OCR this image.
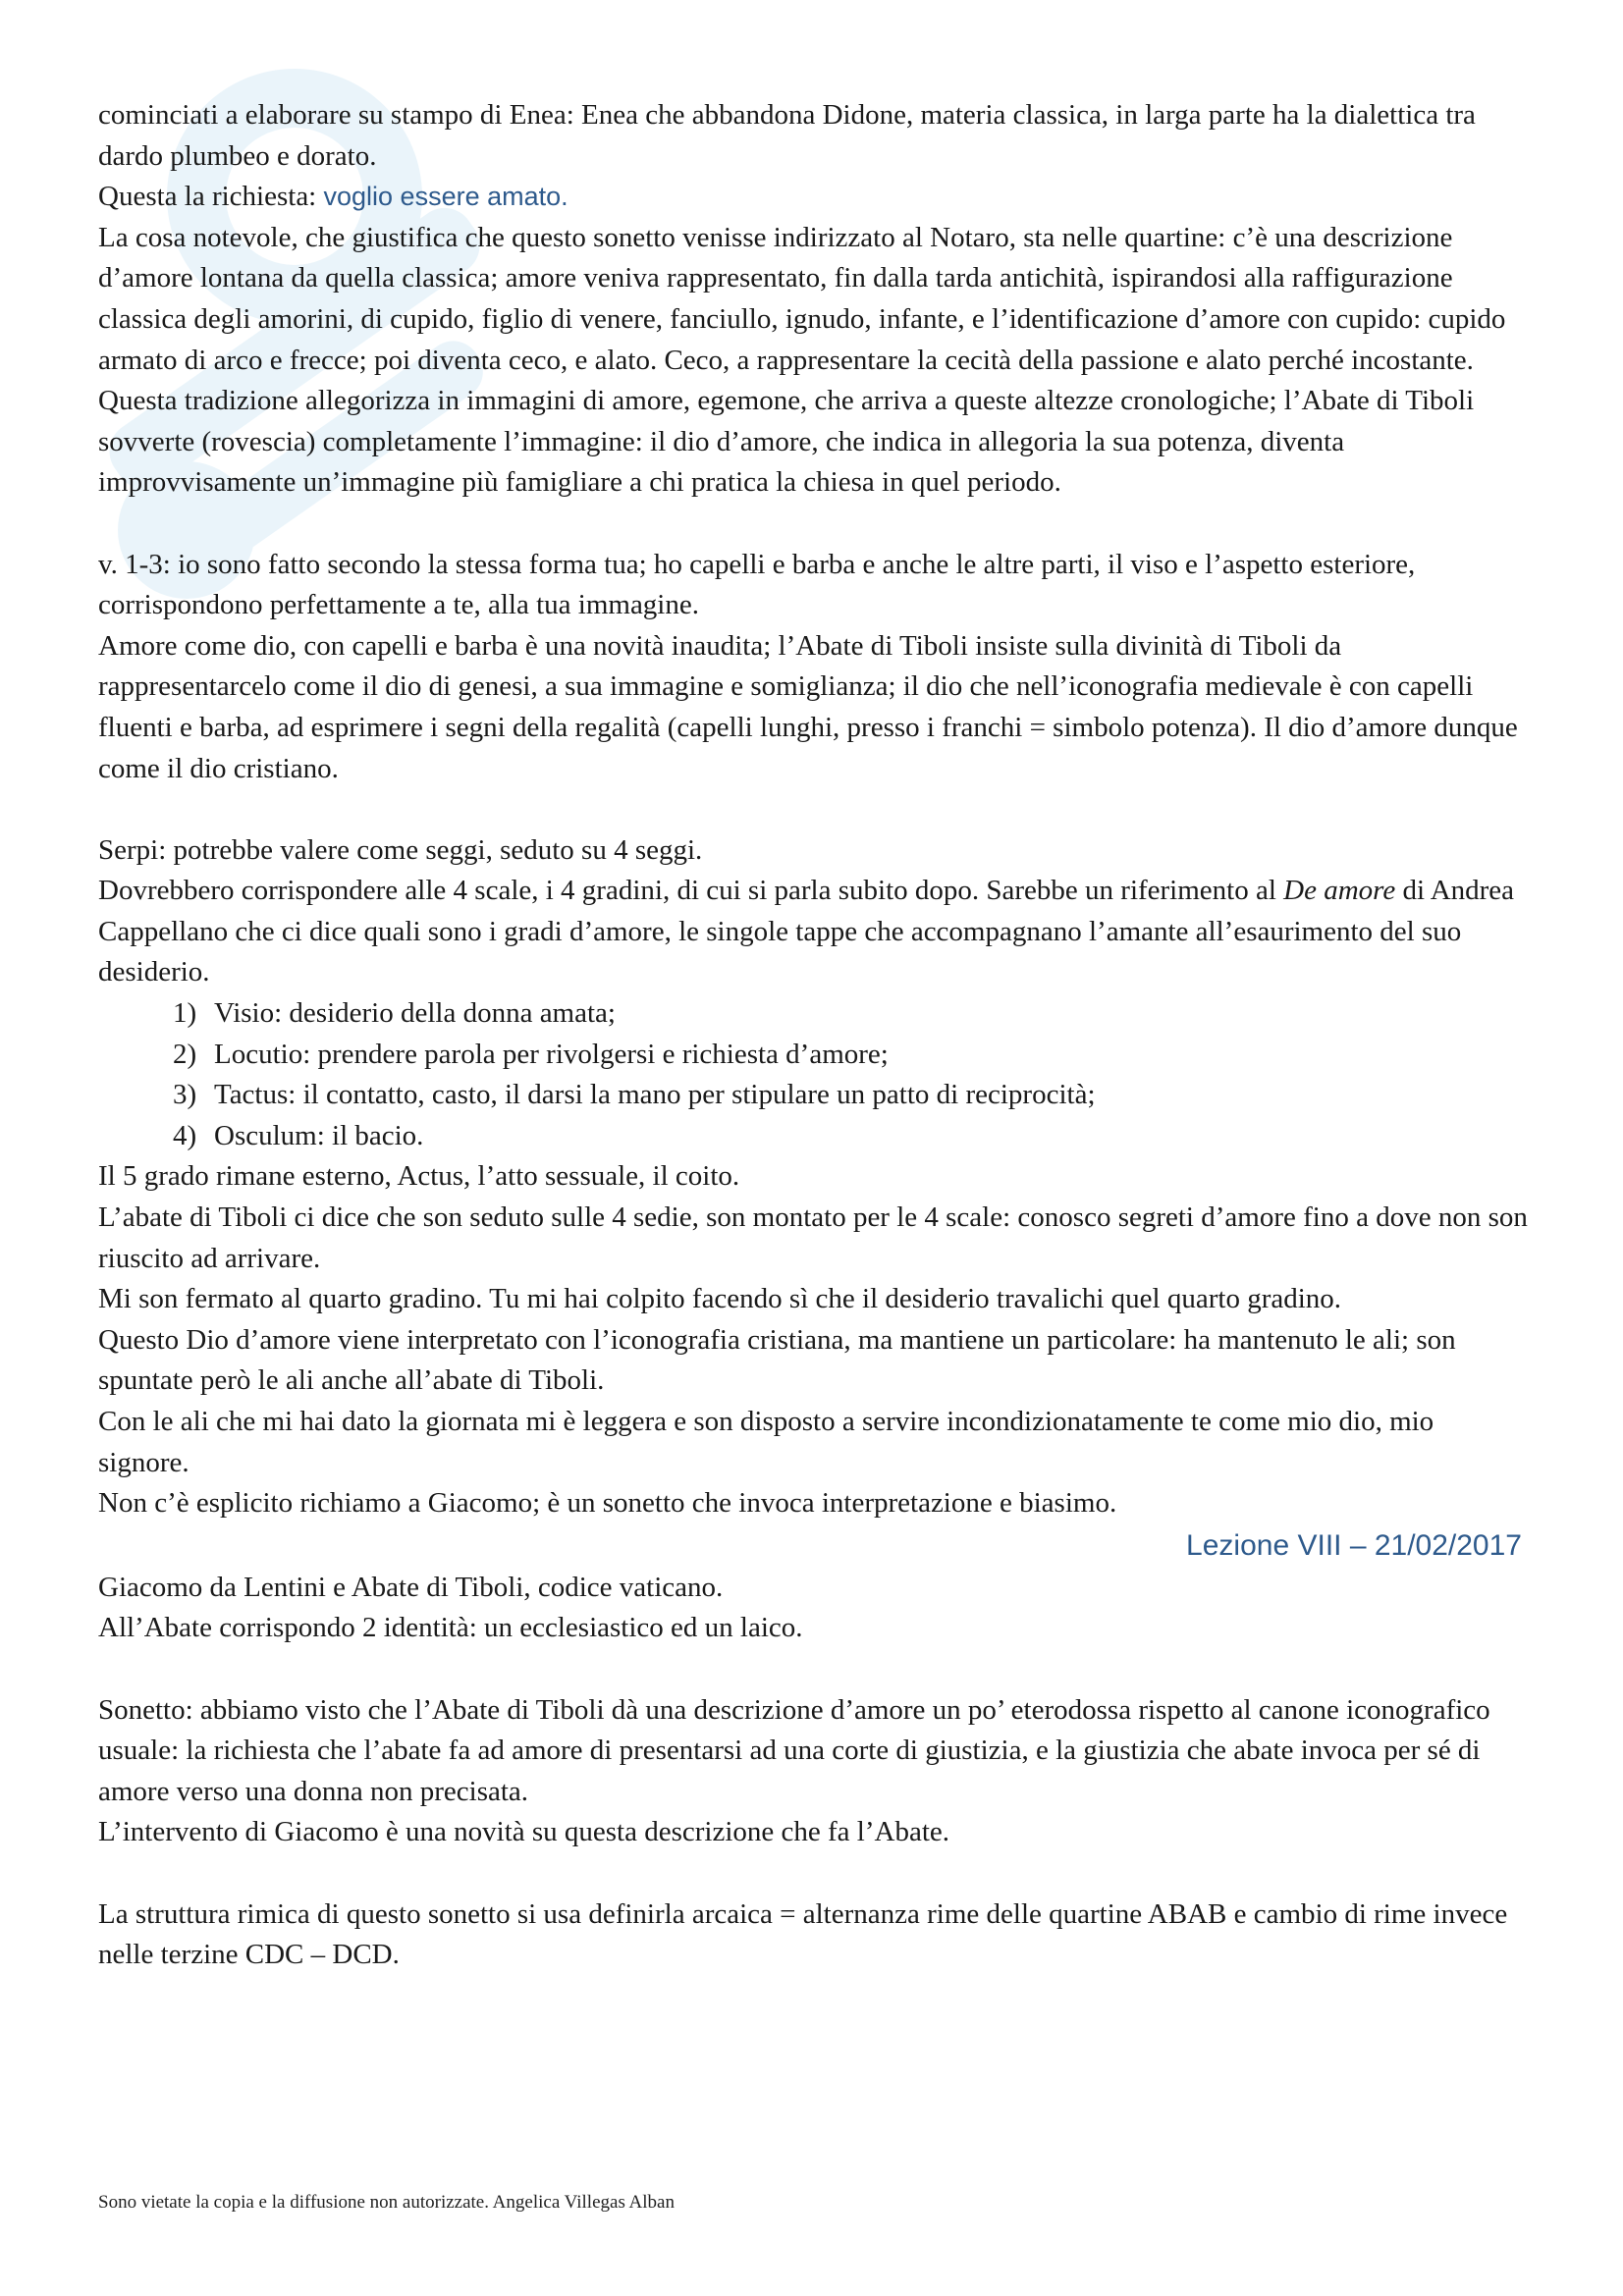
cominciati a elaborare su stampo di Enea: Enea che abbandona Didone, materia classica, in larga parte ha la dialettica tra dardo plumbeo e dorato.

Questa la richiesta: voglio essere amato.

La cosa notevole, che giustifica che questo sonetto venisse indirizzato al Notaro, sta nelle quartine: c’è una descrizione d’amore lontana da quella classica; amore veniva rappresentato, fin dalla tarda antichità, ispirandosi alla raffigurazione classica degli amorini, di cupido, figlio di venere, fanciullo, ignudo, infante, e l’identificazione d’amore con cupido: cupido armato di arco e frecce; poi diventa ceco, e alato. Ceco, a rappresentare la cecità della passione e alato perché incostante.

Questa tradizione allegorizza in immagini di amore, egemone, che arriva a queste altezze cronologiche; l’Abate di Tiboli sovverte (rovescia) completamente l’immagine: il dio d’amore, che indica in allegoria la sua potenza, diventa improvvisamente un’immagine più famigliare a chi pratica la chiesa in quel periodo.

v. 1-3: io sono fatto secondo la stessa forma tua; ho capelli e barba e anche le altre parti, il viso e l’aspetto esteriore, corrispondono perfettamente a te, alla tua immagine.

Amore come dio, con capelli e barba è una novità inaudita; l’Abate di Tiboli insiste sulla divinità di Tiboli da rappresentarcelo come il dio di genesi, a sua immagine e somiglianza; il dio che nell’iconografia medievale è con capelli fluenti e barba, ad esprimere i segni della regalità (capelli lunghi, presso i franchi = simbolo potenza). Il dio d’amore dunque come il dio cristiano.

Serpi: potrebbe valere come seggi, seduto su 4 seggi.

Dovrebbero corrispondere alle 4 scale, i 4 gradini, di cui si parla subito dopo. Sarebbe un riferimento al De amore di Andrea Cappellano che ci dice quali sono i gradi d’amore, le singole tappe che accompagnano l’amante all’esaurimento del suo desiderio.

1) Visio: desiderio della donna amata;
2) Locutio: prendere parola per rivolgersi e richiesta d’amore;
3) Tactus: il contatto, casto, il darsi la mano per stipulare un patto di reciprocità;
4) Osculum: il bacio.

Il 5 grado rimane esterno, Actus, l’atto sessuale, il coito.

L’abate di Tiboli ci dice che son seduto sulle 4 sedie, son montato per le 4 scale: conosco segreti d’amore fino a dove non son riuscito ad arrivare.

Mi son fermato al quarto gradino. Tu mi hai colpito facendo sì che il desiderio travalichi quel quarto gradino.

Questo Dio d’amore viene interpretato con l’iconografia cristiana, ma mantiene un particolare: ha mantenuto le ali; son spuntate però le ali anche all’abate di Tiboli.

Con le ali che mi hai dato la giornata mi è leggera e son disposto a servire incondizionatamente te come mio dio, mio signore.

Non c’è esplicito richiamo a Giacomo; è un sonetto che invoca interpretazione e biasimo.

Lezione VIII – 21/02/2017

Giacomo da Lentini e Abate di Tiboli, codice vaticano.

All’Abate corrispondo 2 identità: un ecclesiastico ed un laico.

Sonetto: abbiamo visto che l’Abate di Tiboli dà una descrizione d’amore un po’ eterodossa rispetto al canone iconografico usuale: la richiesta che l’abate fa ad amore di presentarsi ad una corte di giustizia, e la giustizia che abate invoca per sé di amore verso una donna non precisata.

L’intervento di Giacomo è una novità su questa descrizione che fa l’Abate.

La struttura rimica di questo sonetto si usa definirla arcaica = alternanza rime delle quartine ABAB e cambio di rime invece nelle terzine CDC – DCD.

Sono vietate la copia e la diffusione non autorizzate. Angelica Villegas Alban
